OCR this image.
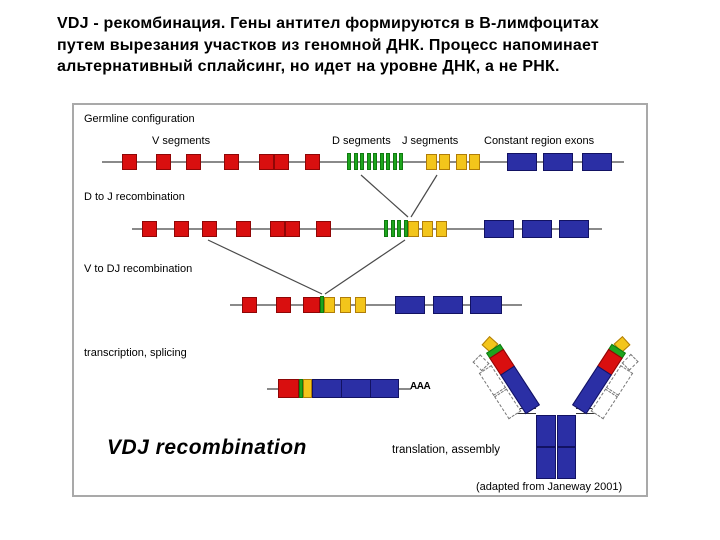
VDJ - рекомбинация. Гены антител формируются в В-лимфоцитах
путем вырезания участков из геномной ДНК. Процесс напоминает
альтернативный сплайсинг, но идет на уровне ДНК, а не РНК.
Germline configuration
D to J recombination
V to DJ recombination
transcription, splicing
V segments	D segments J segments Constant region exons
AAA
VDJ recombination	translation, assembly
(adapted from Janeway 2001)
